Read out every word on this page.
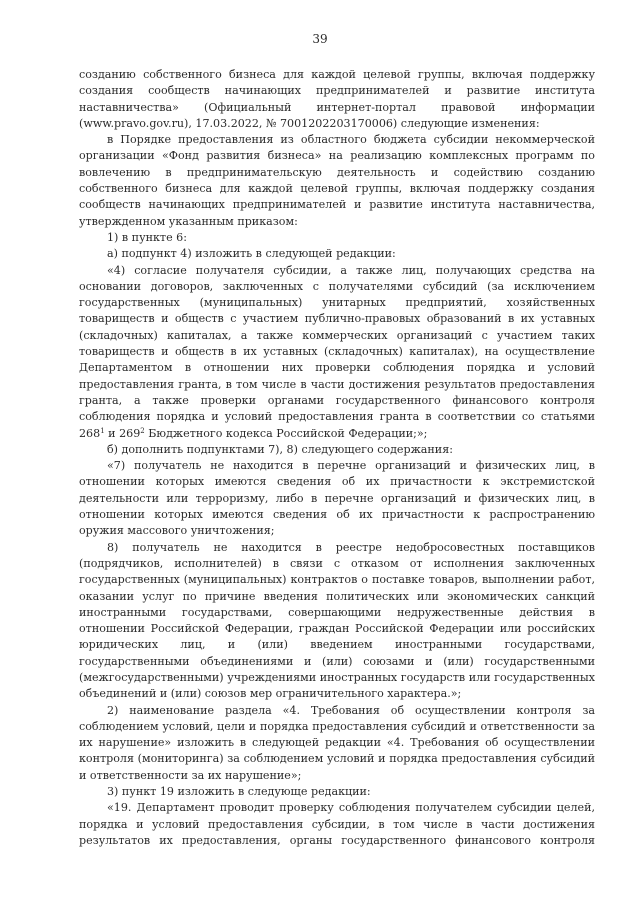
39

созданию собственного бизнеса для каждой целевой группы, включая поддержку создания сообществ начинающих предпринимателей и развитие института наставничества» (Официальный интернет-портал правовой информации (www.pravo.gov.ru), 17.03.2022, № 7001202203170006) следующие изменения:

в Порядке предоставления из областного бюджета субсидии некоммерческой организации «Фонд развития бизнеса» на реализацию комплексных программ по вовлечению в предпринимательскую деятельность и содействию созданию собственного бизнеса для каждой целевой группы, включая поддержку создания сообществ начинающих предпринимателей и развитие института наставничества, утвержденном указанным приказом:

1) в пункте 6:

а) подпункт 4) изложить в следующей редакции:

«4) согласие получателя субсидии, а также лиц, получающих средства на основании договоров, заключенных с получателями субсидий (за исключением государственных (муниципальных) унитарных предприятий, хозяйственных товариществ и обществ с участием публично-правовых образований в их уставных (складочных) капиталах, а также коммерческих организаций с участием таких товариществ и обществ в их уставных (складочных) капиталах), на осуществление Департаментом в отношении них проверки соблюдения порядка и условий предоставления гранта, в том числе в части достижения результатов предоставления гранта, а также проверки органами государственного финансового контроля соблюдения порядка и условий предоставления гранта в соответствии со статьями $268^1$ и $269^2$ Бюджетного кодекса Российской Федерации;»;

б) дополнить подпунктами 7), 8) следующего содержания:

«7) получатель не находится в перечне организаций и физических лиц, в отношении которых имеются сведения об их причастности к экстремистской деятельности или терроризму, либо в перечне организаций и физических лиц, в отношении которых имеются сведения об их причастности к распространению оружия массового уничтожения;

8) получатель не находится в реестре недобросовестных поставщиков (подрядчиков, исполнителей) в связи с отказом от исполнения заключенных государственных (муниципальных) контрактов о поставке товаров, выполнении работ, оказании услуг по причине введения политических или экономических санкций иностранными государствами, совершающими недружественные действия в отношении Российской Федерации, граждан Российской Федерации или российских юридических лиц, и (или) введением иностранными государствами, государственными объединениями и (или) союзами и (или) государственными (межгосударственными) учреждениями иностранных государств или государственных объединений и (или) союзов мер ограничительного характера.»;

2) наименование раздела «4. Требования об осуществлении контроля за соблюдением условий, цели и порядка предоставления субсидий и ответственности за их нарушение» изложить в следующей редакции «4. Требования об осуществлении контроля (мониторинга) за соблюдением условий и порядка предоставления субсидий и ответственности за их нарушение»;

3) пункт 19 изложить в следующе редакции:

«19. Департамент проводит проверку соблюдения получателем субсидии целей, порядка и условий предоставления субсидии, в том числе в части достижения результатов их предоставления, органы государственного финансового контроля
